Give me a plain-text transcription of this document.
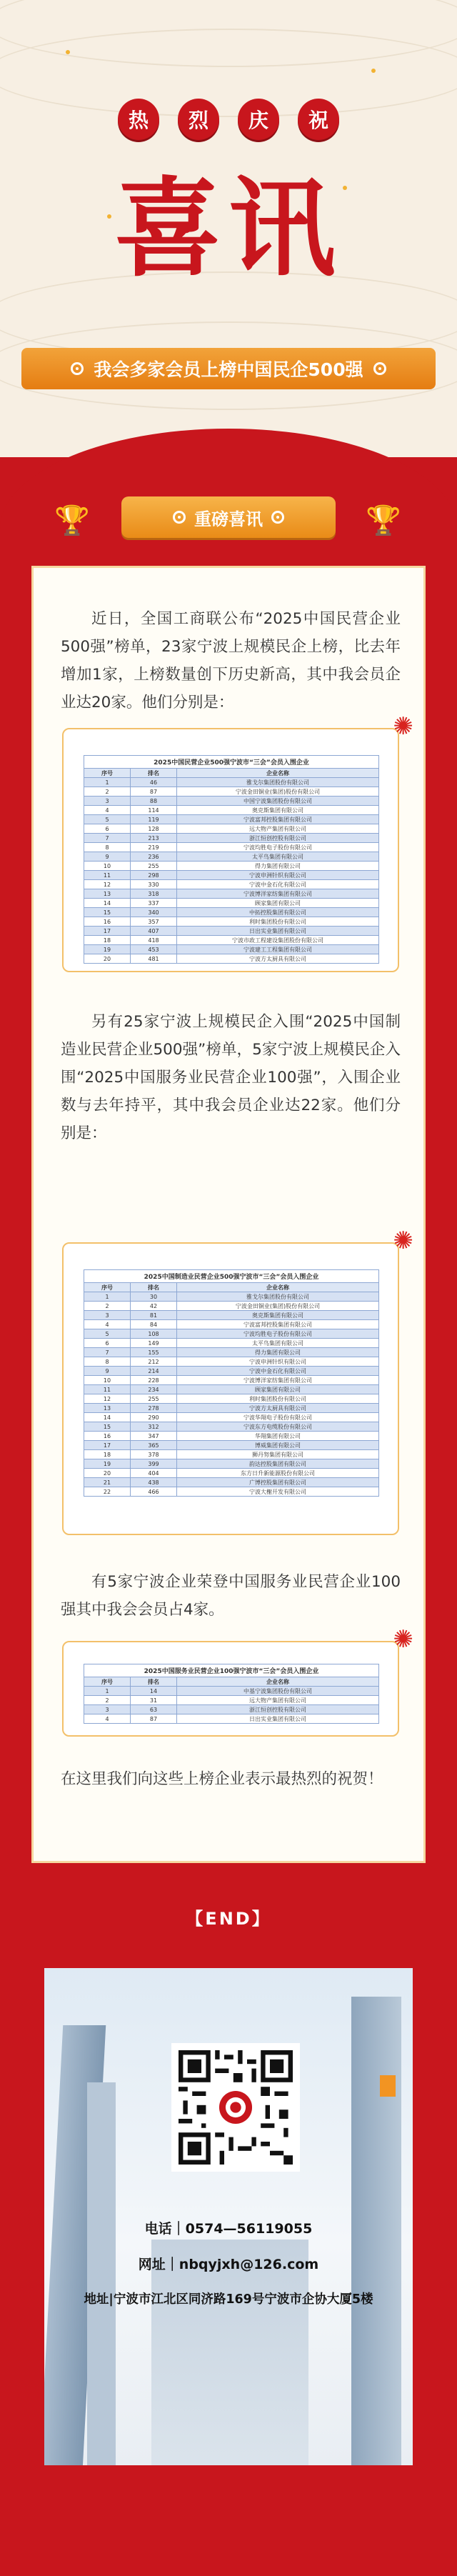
热	烈	庆	祝
喜讯
我会多家会员上榜中国民企500强
🏆	🏆
重磅喜讯
近日，全国工商联公布“2025中国民营企业500强”榜单，23家宁波上规模民企上榜，比去年增加1家，上榜数量创下历史新高，其中我会员企业达20家。他们分别是：
✺
2025中国民营企业500强宁波市“三会”会员入围企业		
序号	排名	企业名称
1	46	雅戈尔集团股份有限公司
2	87	宁波金田铜业(集团)股份有限公司
3	88	中国宁波集团股份有限公司
4	114	奥克斯集团有限公司
5	119	宁波富邦控股集团有限公司
6	128	远大物产集团有限公司
7	213	浙江恒创控股有限公司
8	219	宁波均胜电子股份有限公司
9	236	太平鸟集团有限公司
10	255	得力集团有限公司
11	298	宁波申洲针织有限公司
12	330	宁波中金石化有限公司
13	318	宁波博洋家纺集团有限公司
14	337	顾家集团有限公司
15	340	中拓控股集团有限公司
16	357	利时集团股份有限公司
17	407	日出实业集团有限公司
18	418	宁波市政工程建设集团股份有限公司
19	453	宁波建工工程集团有限公司
20	481	宁波方太厨具有限公司
另有25家宁波上规模民企入围“2025中国制造业民营企业500强”榜单，5家宁波上规模民企入围“2025中国服务业民营企业100强”，入围企业数与去年持平，其中我会员企业达22家。他们分别是：
✺
2025中国制造业民营企业500强宁波市“三会”会员入围企业		
序号	排名	企业名称
1	30	雅戈尔集团股份有限公司
2	42	宁波金田铜业(集团)股份有限公司
3	81	奥克斯集团有限公司
4	84	宁波富邦控股集团有限公司
5	108	宁波均胜电子股份有限公司
6	149	太平鸟集团有限公司
7	155	得力集团有限公司
8	212	宁波申洲针织有限公司
9	214	宁波中金石化有限公司
10	228	宁波博洋家纺集团有限公司
11	234	顾家集团有限公司
12	255	利时集团股份有限公司
13	278	宁波方太厨具有限公司
14	290	宁波华翔电子股份有限公司
15	312	宁波东方电缆股份有限公司
16	347	华翔集团有限公司
17	365	博威集团有限公司
18	378	狮丹努集团有限公司
19	399	韵达控股集团有限公司
20	404	东方日升新能源股份有限公司
21	438	广博控股集团有限公司
22	466	宁波大榭开发有限公司
有5家宁波企业荣登中国服务业民营企业100强其中我会会员占4家。
✺
2025中国服务业民营企业100强宁波市“三会”会员入围企业		
序号	排名	企业名称
1	14	中基宁波集团股份有限公司
2	31	远大物产集团有限公司
3	63	浙江恒创控股有限公司
4	87	日出实业集团有限公司
在这里我们向这些上榜企业表示最热烈的祝贺！
【END】
电话｜0574—56119055
网址｜nbqyjxh@126.com
地址|宁波市江北区同济路169号宁波市企协大厦5楼
